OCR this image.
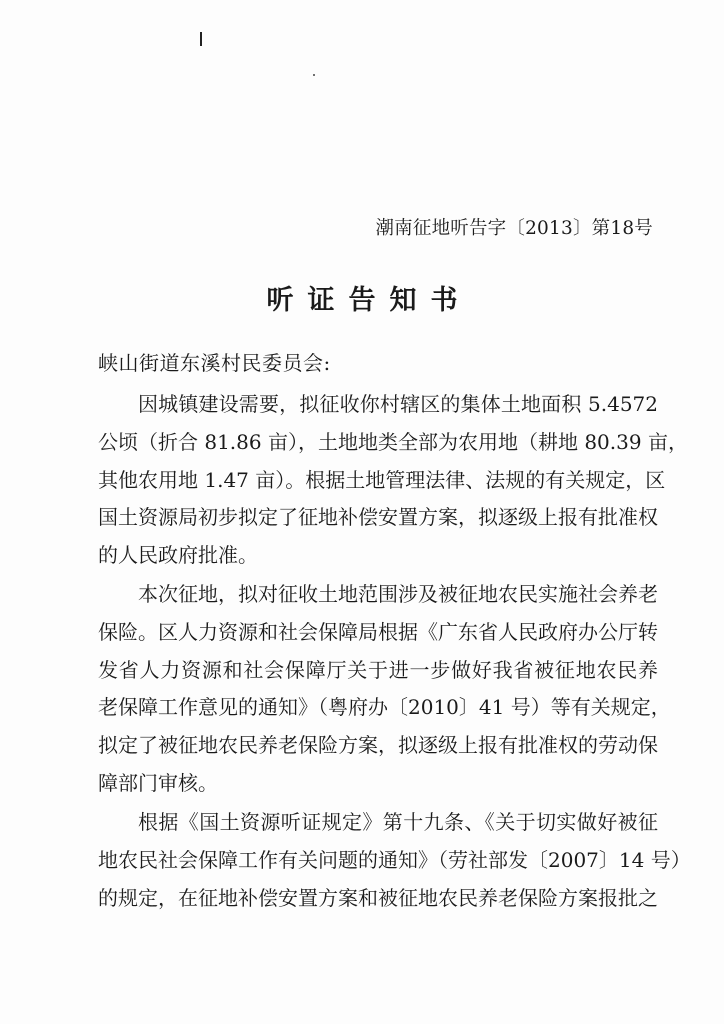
潮南征地听告字〔2013〕第18号
听证告知书
峡山街道东溪村民委员会:
因城镇建设需要，拟征收你村辖区的集体土地面积 5.4572
公顷（折合 81.86 亩），土地地类全部为农用地（耕地 80.39 亩，
其他农用地 1.47 亩）。根据土地管理法律、法规的有关规定，区
国土资源局初步拟定了征地补偿安置方案，拟逐级上报有批准权
的人民政府批准。
本次征地，拟对征收土地范围涉及被征地农民实施社会养老
保险。区人力资源和社会保障局根据《广东省人民政府办公厅转
发省人力资源和社会保障厅关于进一步做好我省被征地农民养
老保障工作意见的通知》（粤府办〔2010〕41 号）等有关规定，
拟定了被征地农民养老保险方案，拟逐级上报有批准权的劳动保
障部门审核。
根据《国土资源听证规定》第十九条、《关于切实做好被征
地农民社会保障工作有关问题的通知》（劳社部发〔2007〕14 号）
的规定，在征地补偿安置方案和被征地农民养老保险方案报批之
